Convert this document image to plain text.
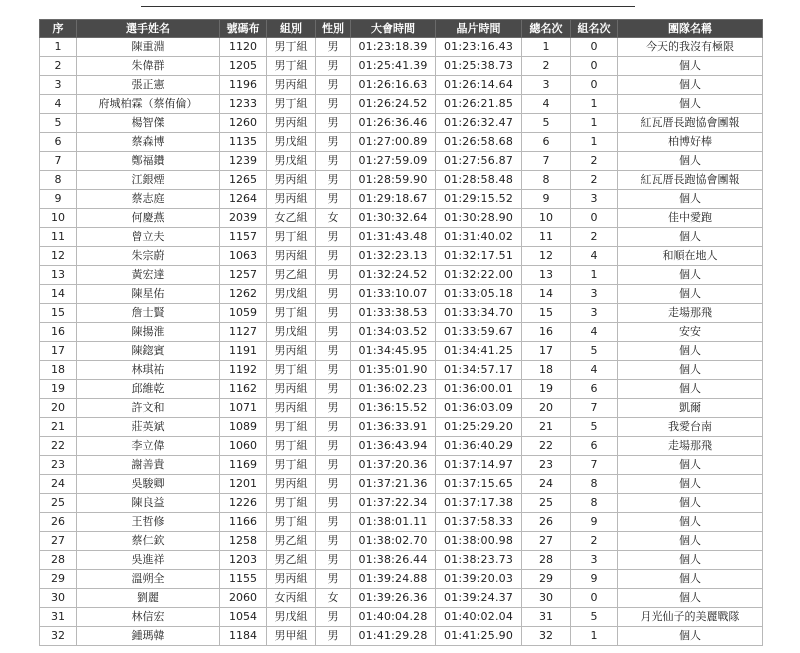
序	選手姓名	號碼布	組別	性別	大會時間	晶片時間	總名次	組名次	團隊名稱
1	陳重淵	1120	男丁組	男	01:23:18.39	01:23:16.43	1	0	今天的我沒有極限
2	朱偉群	1205	男丁組	男	01:25:41.39	01:25:38.73	2	0	個人
3	張正憲	1196	男丙組	男	01:26:16.63	01:26:14.64	3	0	個人
4	府城柏霖（蔡侑倫）	1233	男丁組	男	01:26:24.52	01:26:21.85	4	1	個人
5	楊智傑	1260	男丙組	男	01:26:36.46	01:26:32.47	5	1	紅瓦厝長跑協會團報
6	蔡森博	1135	男戊組	男	01:27:00.89	01:26:58.68	6	1	柏博好棒
7	鄭福鑽	1239	男戊組	男	01:27:59.09	01:27:56.87	7	2	個人
8	江銀煙	1265	男丙組	男	01:28:59.90	01:28:58.48	8	2	紅瓦厝長跑協會團報
9	蔡志庭	1264	男丙組	男	01:29:18.67	01:29:15.52	9	3	個人
10	何慶燕	2039	女乙組	女	01:30:32.64	01:30:28.90	10	0	佳中愛跑
11	曾立夫	1157	男丁組	男	01:31:43.48	01:31:40.02	11	2	個人
12	朱宗蔚	1063	男丙組	男	01:32:23.13	01:32:17.51	12	4	和順在地人
13	黃宏達	1257	男乙組	男	01:32:24.52	01:32:22.00	13	1	個人
14	陳星佑	1262	男戊組	男	01:33:10.07	01:33:05.18	14	3	個人
15	詹士賢	1059	男丁組	男	01:33:38.53	01:33:34.70	15	3	走場那飛
16	陳揚淮	1127	男戊組	男	01:34:03.52	01:33:59.67	16	4	安安
17	陳鍃賓	1191	男丙組	男	01:34:45.95	01:34:41.25	17	5	個人
18	林琪祐	1192	男丁組	男	01:35:01.90	01:34:57.17	18	4	個人
19	邱維乾	1162	男丙組	男	01:36:02.23	01:36:00.01	19	6	個人
20	許文和	1071	男丙組	男	01:36:15.52	01:36:03.09	20	7	凱爾
21	莊英斌	1089	男丁組	男	01:36:33.91	01:25:29.20	21	5	我愛台南
22	李立偉	1060	男丁組	男	01:36:43.94	01:36:40.29	22	6	走場那飛
23	謝善貴	1169	男丁組	男	01:37:20.36	01:37:14.97	23	7	個人
24	吳駿卿	1201	男丙組	男	01:37:21.36	01:37:15.65	24	8	個人
25	陳良益	1226	男丁組	男	01:37:22.34	01:37:17.38	25	8	個人
26	王哲修	1166	男丁組	男	01:38:01.11	01:37:58.33	26	9	個人
27	蔡仁欽	1258	男乙組	男	01:38:02.70	01:38:00.98	27	2	個人
28	吳進祥	1203	男乙組	男	01:38:26.44	01:38:23.73	28	3	個人
29	溫朔全	1155	男丙組	男	01:39:24.88	01:39:20.03	29	9	個人
30	劉麗	2060	女丙組	女	01:39:26.36	01:39:24.37	30	0	個人
31	林信宏	1054	男戊組	男	01:40:04.28	01:40:02.04	31	5	月光仙子的美麗戰隊
32	鍾瑪韓	1184	男甲組	男	01:41:29.28	01:41:25.90	32	1	個人
